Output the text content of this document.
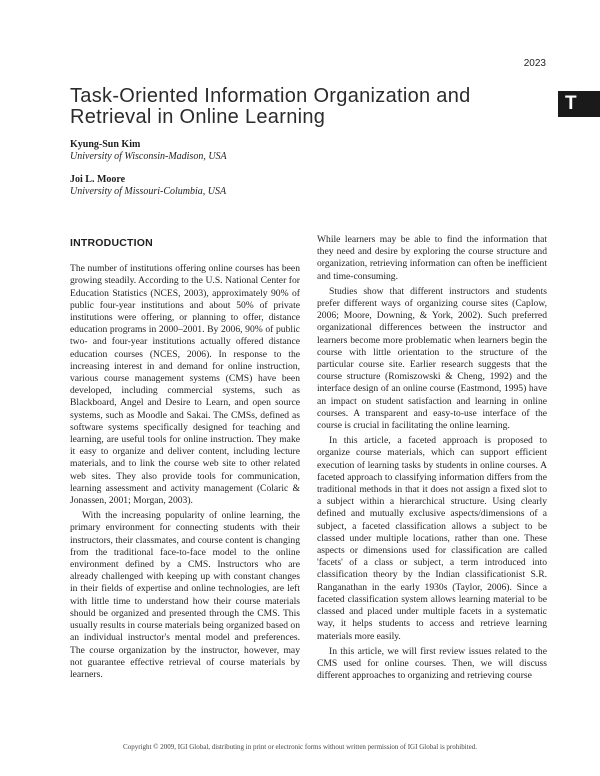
2023
T
Task-Oriented Information Organization and Retrieval in Online Learning
Kyung-Sun Kim
University of Wisconsin-Madison, USA
Joi L. Moore
University of Missouri-Columbia, USA
INTRODUCTION

The number of institutions offering online courses has been growing steadily. According to the U.S. National Center for Education Statistics (NCES, 2003), approximately 90% of public four-year institutions and about 50% of private institutions were offering, or planning to offer, distance education programs in 2000–2001. By 2006, 90% of public two- and four-year institutions actually offered distance education courses (NCES, 2006). In response to the increasing interest in and demand for online instruction, various course management systems (CMS) have been developed, including commercial systems, such as Blackboard, Angel and Desire to Learn, and open source systems, such as Moodle and Sakai. The CMSs, defined as software systems specifically designed for teaching and learning, are useful tools for online instruction. They make it easy to organize and deliver content, including lecture materials, and to link the course web site to other related web sites. They also provide tools for communication, learning assessment and activity management (Colaric & Jonassen, 2001; Morgan, 2003).

With the increasing popularity of online learning, the primary environment for connecting students with their instructors, their classmates, and course content is changing from the traditional face-to-face model to the online environment defined by a CMS. Instructors who are already challenged with keeping up with constant changes in their fields of expertise and online technologies, are left with little time to understand how their course materials should be organized and presented through the CMS. This usually results in course materials being organized based on an individual instructor's mental model and preferences. The course organization by the instructor, however, may not guarantee effective retrieval of course materials by learners.

While learners may be able to find the information that they need and desire by exploring the course structure and organization, retrieving information can often be inefficient and time-consuming.

Studies show that different instructors and students prefer different ways of organizing course sites (Caplow, 2006; Moore, Downing, & York, 2002). Such preferred organizational differences between the instructor and learners become more problematic when learners begin the course with little orientation to the structure of the particular course site. Earlier research suggests that the course structure (Romiszowski & Cheng, 1992) and the interface design of an online course (Eastmond, 1995) have an impact on student satisfaction and learning in online courses. A transparent and easy-to-use interface of the course is crucial in facilitating the online learning.

In this article, a faceted approach is proposed to organize course materials, which can support efficient execution of learning tasks by students in online courses. A faceted approach to classifying information differs from the traditional methods in that it does not assign a fixed slot to a subject within a hierarchical structure. Using clearly defined and mutually exclusive aspects/dimensions of a subject, a faceted classification allows a subject to be classed under multiple locations, rather than one. These aspects or dimensions used for classification are called 'facets' of a class or subject, a term introduced into classification theory by the Indian classificationist S.R. Ranganathan in the early 1930s (Taylor, 2006). Since a faceted classification system allows learning material to be classed and placed under multiple facets in a systematic way, it helps students to access and retrieve learning materials more easily.

In this article, we will first review issues related to the CMS used for online courses. Then, we will discuss different approaches to organizing and retrieving course

Copyright © 2009, IGI Global, distributing in print or electronic forms without written permission of IGI Global is prohibited.
